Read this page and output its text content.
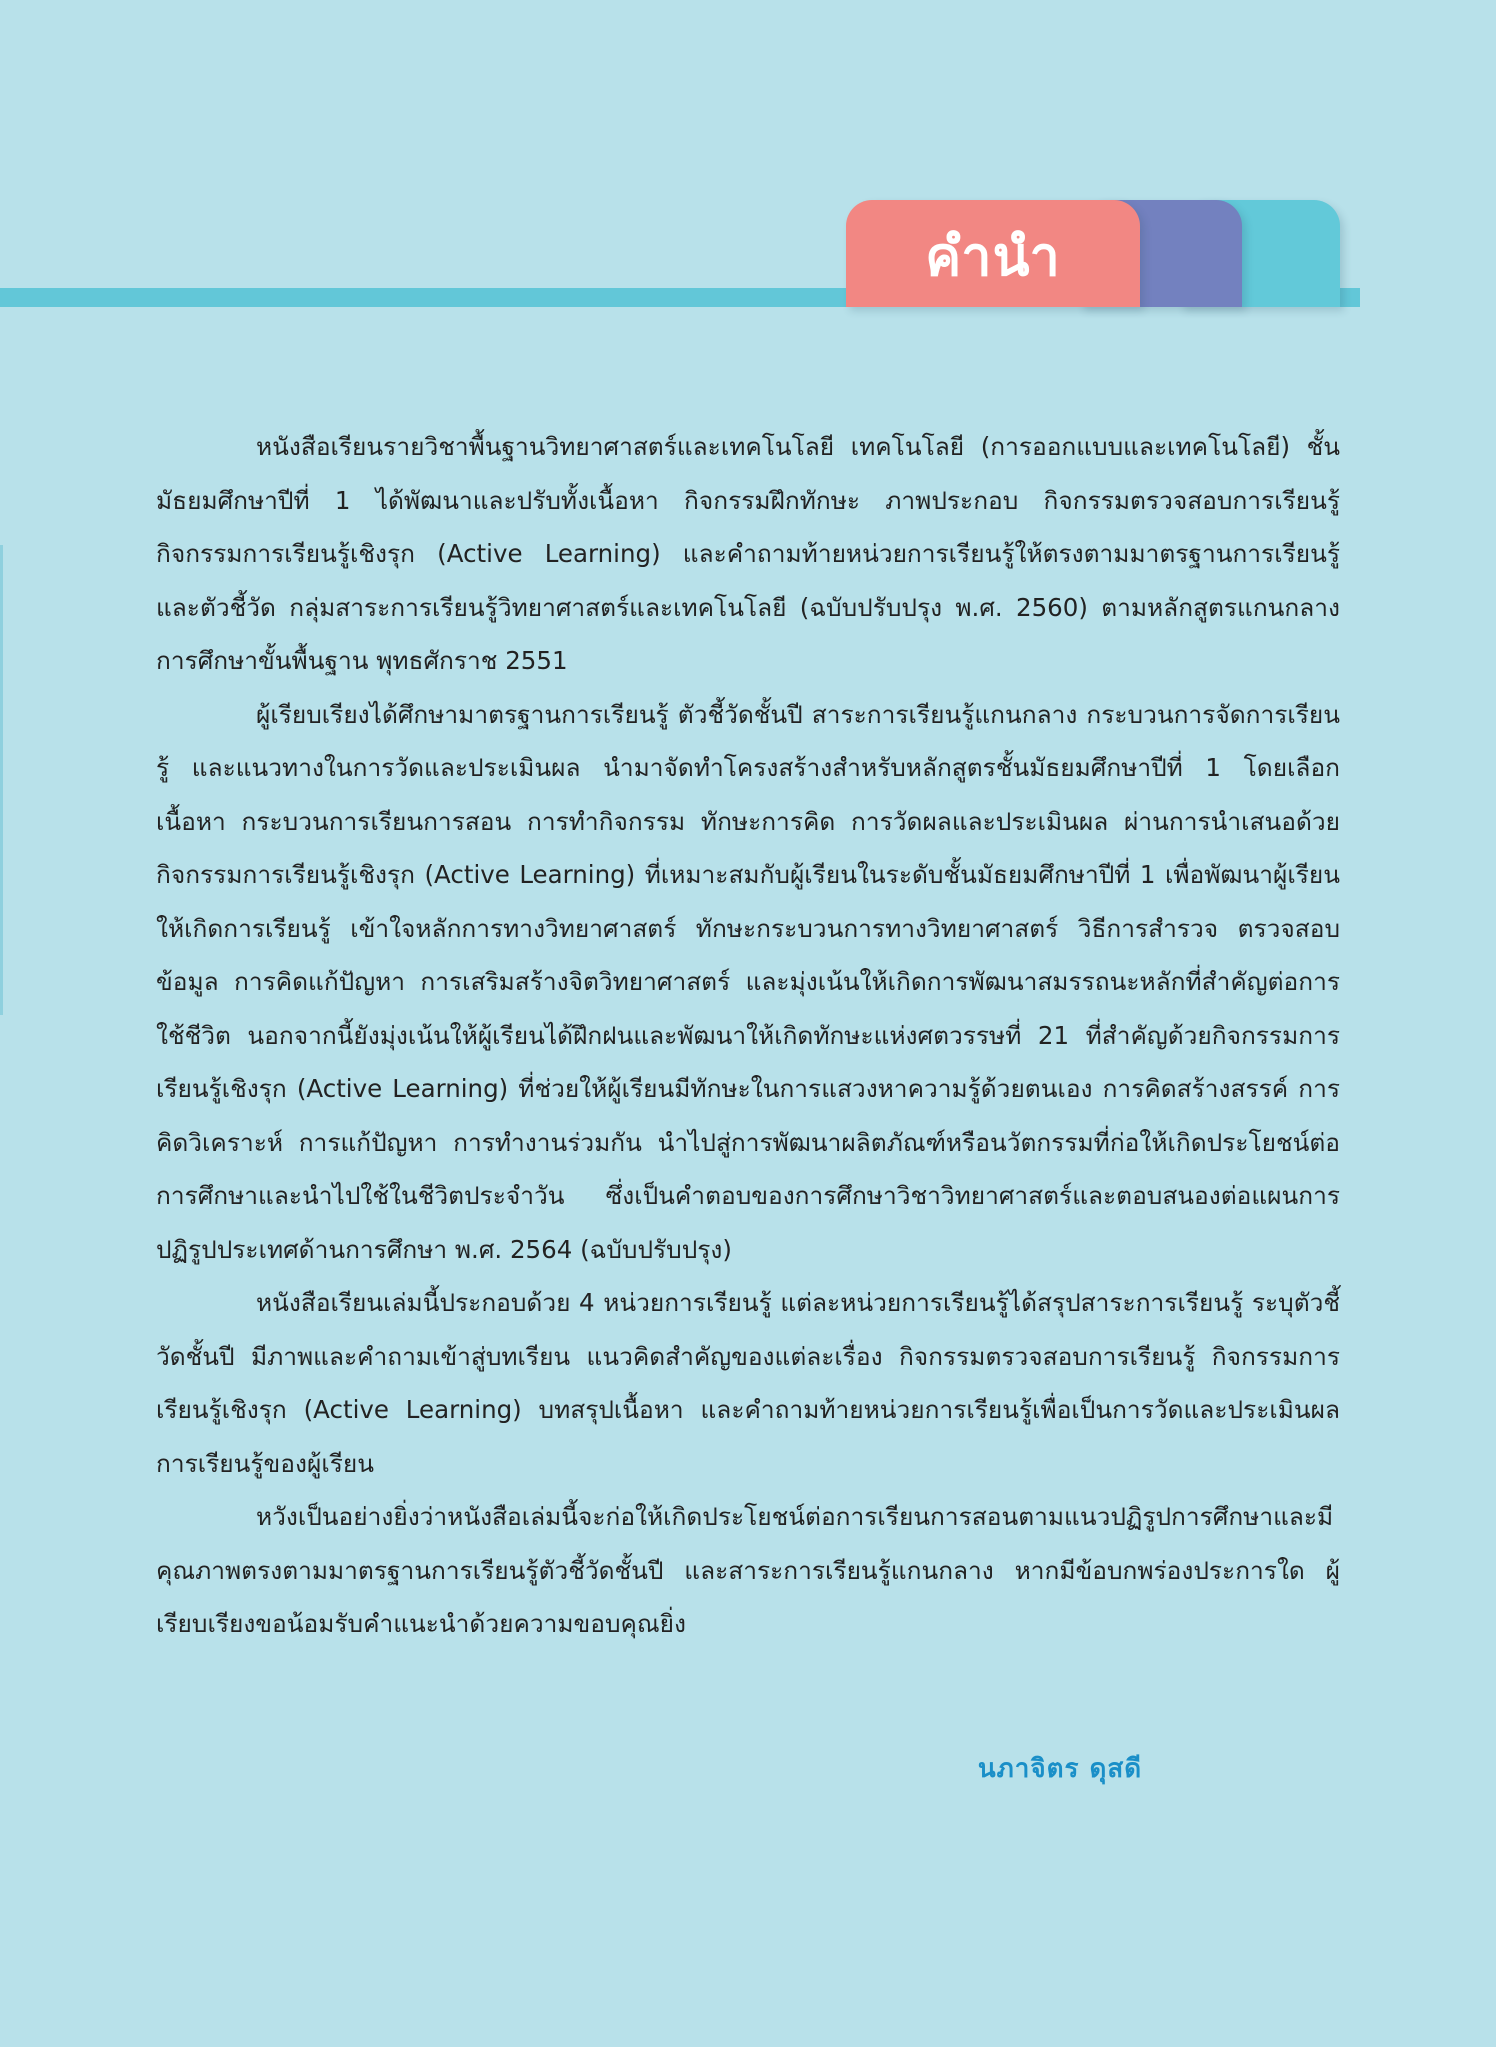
คำนำ

หนังสือเรียนรายวิชาพื้นฐานวิทยาศาสตร์และเทคโนโลยี เทคโนโลยี (การออกแบบและเทคโนโลยี) ชั้นมัธยมศึกษาปีที่ 1 ได้พัฒนาและปรับทั้งเนื้อหา กิจกรรมฝึกทักษะ ภาพประกอบ กิจกรรมตรวจสอบการเรียนรู้ กิจกรรมการเรียนรู้เชิงรุก (Active Learning) และคำถามท้ายหน่วยการเรียนรู้ให้ตรงตามมาตรฐานการเรียนรู้ และตัวชี้วัด กลุ่มสาระการเรียนรู้วิทยาศาสตร์และเทคโนโลยี (ฉบับปรับปรุง พ.ศ. 2560) ตามหลักสูตรแกนกลางการศึกษาขั้นพื้นฐาน พุทธศักราช 2551

ผู้เรียบเรียงได้ศึกษามาตรฐานการเรียนรู้ ตัวชี้วัดชั้นปี สาระการเรียนรู้แกนกลาง กระบวนการจัดการเรียนรู้ และแนวทางในการวัดและประเมินผล นำมาจัดทำโครงสร้างสำหรับหลักสูตรชั้นมัธยมศึกษาปีที่ 1 โดยเลือกเนื้อหา กระบวนการเรียนการสอน การทำกิจกรรม ทักษะการคิด การวัดผลและประเมินผล ผ่านการนำเสนอด้วยกิจกรรมการเรียนรู้เชิงรุก (Active Learning) ที่เหมาะสมกับผู้เรียนในระดับชั้นมัธยมศึกษาปีที่ 1 เพื่อพัฒนาผู้เรียนให้เกิดการเรียนรู้ เข้าใจหลักการทางวิทยาศาสตร์ ทักษะกระบวนการทางวิทยาศาสตร์ วิธีการสำรวจ ตรวจสอบข้อมูล การคิดแก้ปัญหา การเสริมสร้างจิตวิทยาศาสตร์ และมุ่งเน้นให้เกิดการพัฒนาสมรรถนะหลักที่สำคัญต่อการใช้ชีวิต นอกจากนี้ยังมุ่งเน้นให้ผู้เรียนได้ฝึกฝนและพัฒนาให้เกิดทักษะแห่งศตวรรษที่ 21 ที่สำคัญด้วยกิจกรรมการเรียนรู้เชิงรุก (Active Learning) ที่ช่วยให้ผู้เรียนมีทักษะในการแสวงหาความรู้ด้วยตนเอง การคิดสร้างสรรค์ การคิดวิเคราะห์ การแก้ปัญหา การทำงานร่วมกัน นำไปสู่การพัฒนาผลิตภัณฑ์หรือนวัตกรรมที่ก่อให้เกิดประโยชน์ต่อการศึกษาและนำไปใช้ในชีวิตประจำวัน ซึ่งเป็นคำตอบของการศึกษาวิชาวิทยาศาสตร์และตอบสนองต่อแผนการปฏิรูปประเทศด้านการศึกษา พ.ศ. 2564 (ฉบับปรับปรุง)

หนังสือเรียนเล่มนี้ประกอบด้วย 4 หน่วยการเรียนรู้ แต่ละหน่วยการเรียนรู้ได้สรุปสาระการเรียนรู้ ระบุตัวชี้วัดชั้นปี มีภาพและคำถามเข้าสู่บทเรียน แนวคิดสำคัญของแต่ละเรื่อง กิจกรรมตรวจสอบการเรียนรู้ กิจกรรมการเรียนรู้เชิงรุก (Active Learning) บทสรุปเนื้อหา และคำถามท้ายหน่วยการเรียนรู้เพื่อเป็นการวัดและประเมินผลการเรียนรู้ของผู้เรียน

หวังเป็นอย่างยิ่งว่าหนังสือเล่มนี้จะก่อให้เกิดประโยชน์ต่อการเรียนการสอนตามแนวปฏิรูปการศึกษาและมีคุณภาพตรงตามมาตรฐานการเรียนรู้ตัวชี้วัดชั้นปี และสาระการเรียนรู้แกนกลาง หากมีข้อบกพร่องประการใด ผู้เรียบเรียงขอน้อมรับคำแนะนำด้วยความขอบคุณยิ่ง

นภาจิตร ดุสดี
